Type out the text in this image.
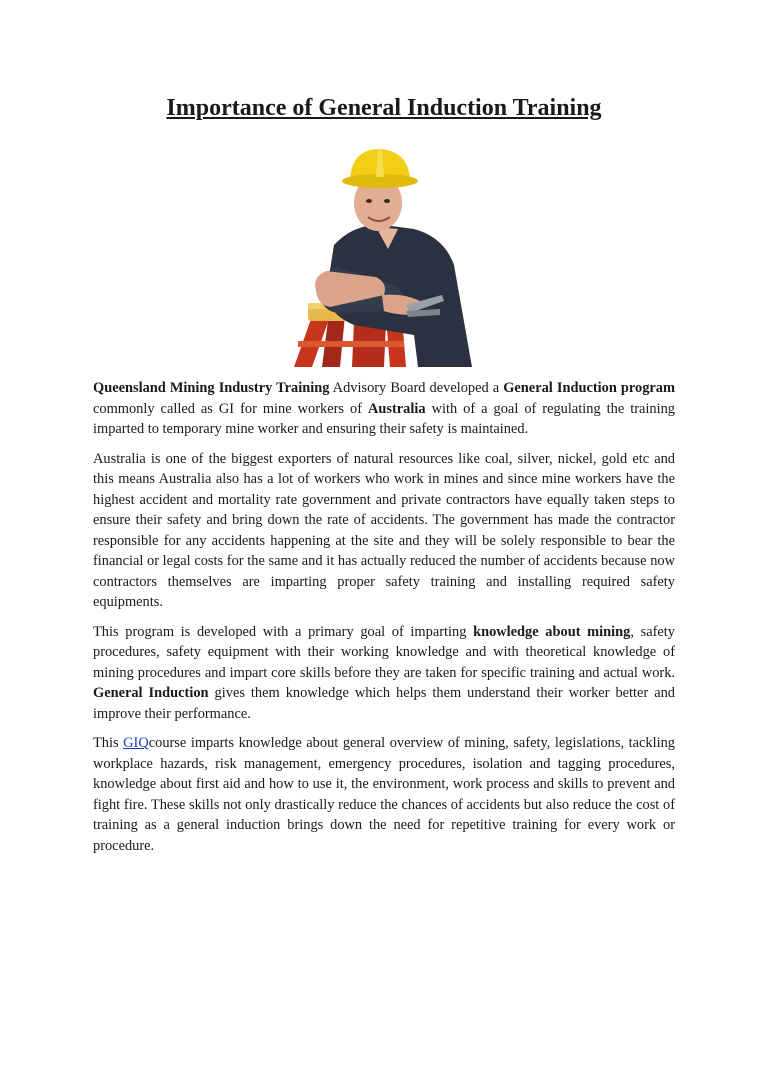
Importance of General Induction Training

Queensland Mining Industry Training Advisory Board developed a General Induction program commonly called as GI for mine workers of Australia with of a goal of regulating the training imparted to temporary mine worker and ensuring their safety is maintained.

Australia is one of the biggest exporters of natural resources like coal, silver, nickel, gold etc and this means Australia also has a lot of workers who work in mines and since mine workers have the highest accident and mortality rate government and private contractors have equally taken steps to ensure their safety and bring down the rate of accidents. The government has made the contractor responsible for any accidents happening at the site and they will be solely responsible to bear the financial or legal costs for the same and it has actually reduced the number of accidents because now contractors themselves are imparting proper safety training and installing required safety equipments.

This program is developed with a primary goal of imparting knowledge about mining, safety procedures, safety equipment with their working knowledge and with theoretical knowledge of mining procedures and impart core skills before they are taken for specific training and actual work. General Induction gives them knowledge which helps them understand their worker better and improve their performance.

This GIQcourse imparts knowledge about general overview of mining, safety, legislations, tackling workplace hazards, risk management, emergency procedures, isolation and tagging procedures, knowledge about first aid and how to use it, the environment, work process and skills to prevent and fight fire. These skills not only drastically reduce the chances of accidents but also reduce the cost of training as a general induction brings down the need for repetitive training for every work or procedure.
